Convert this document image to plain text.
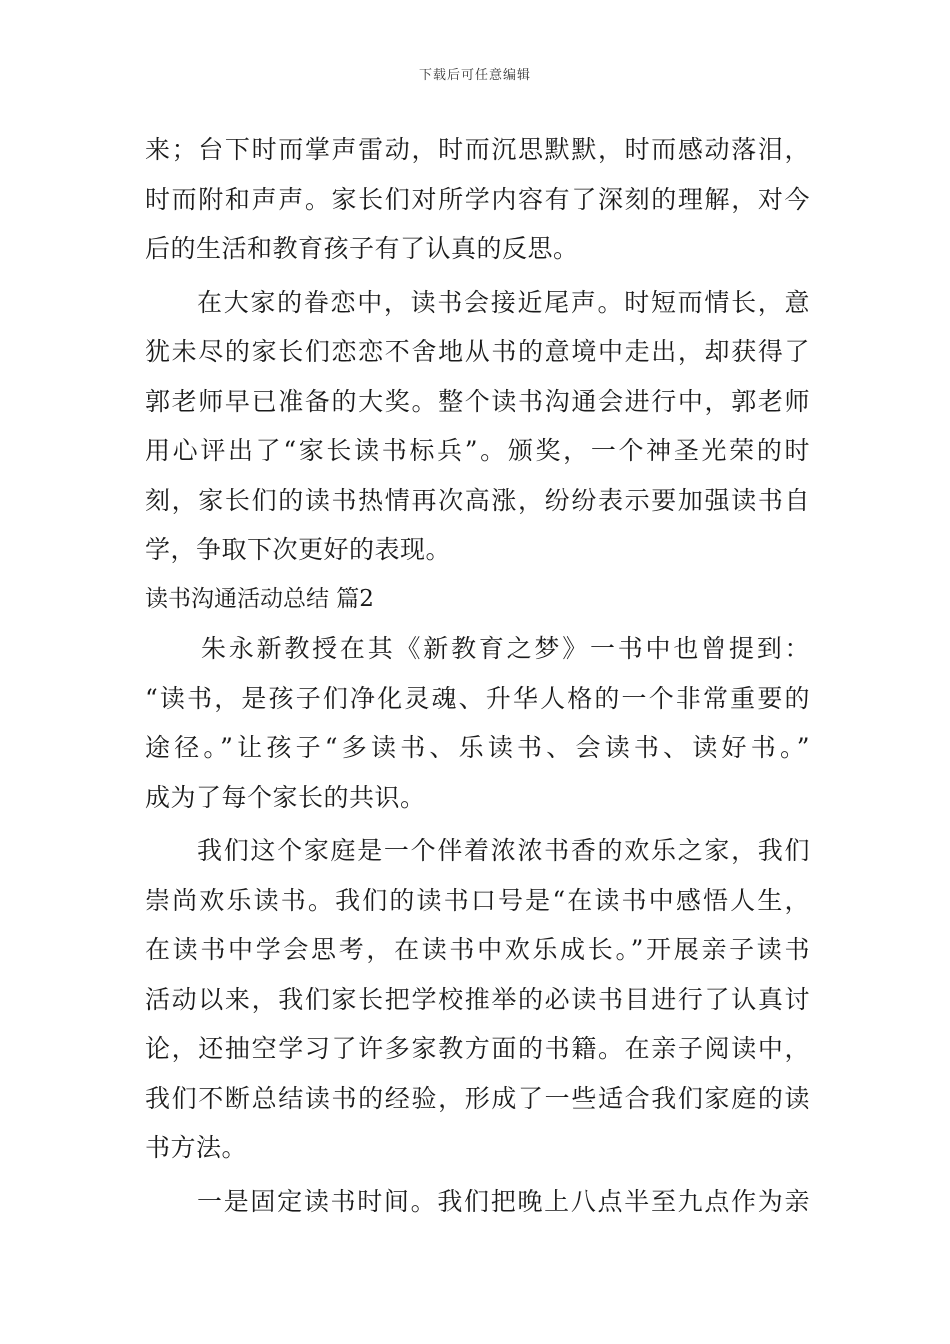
下载后可任意编辑
来；台下时而掌声雷动，时而沉思默默，时而感动落泪，
时而附和声声。家长们对所学内容有了深刻的理解，对今
后的生活和教育孩子有了认真的反思。
在大家的眷恋中，读书会接近尾声。时短而情长，意
犹未尽的家长们恋恋不舍地从书的意境中走出，却获得了
郭老师早已准备的大奖。整个读书沟通会进行中，郭老师
用心评出了“家长读书标兵”。颁奖，一个神圣光荣的时
刻，家长们的读书热情再次高涨，纷纷表示要加强读书自
学，争取下次更好的表现。
读书沟通活动总结 篇2
朱永新教授在其《新教育之梦》一书中也曾提到：
“读书，是孩子们净化灵魂、升华人格的一个非常重要的
途径。”让孩子“多读书、乐读书、会读书、读好书。”
成为了每个家长的共识。
我们这个家庭是一个伴着浓浓书香的欢乐之家，我们
崇尚欢乐读书。我们的读书口号是“在读书中感悟人生，
在读书中学会思考，在读书中欢乐成长。”开展亲子读书
活动以来，我们家长把学校推举的必读书目进行了认真讨
论，还抽空学习了许多家教方面的书籍。在亲子阅读中，
我们不断总结读书的经验，形成了一些适合我们家庭的读
书方法。
一是固定读书时间。我们把晚上八点半至九点作为亲
